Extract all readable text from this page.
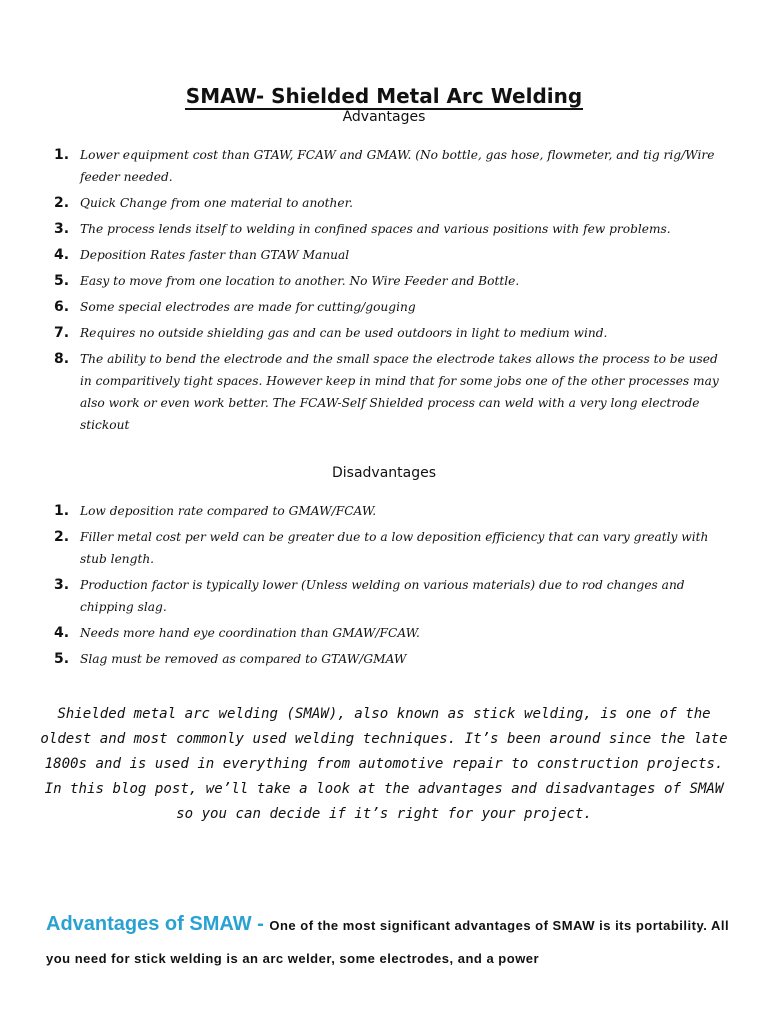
SMAW- Shielded Metal Arc Welding
Advantages
1. Lower equipment cost than GTAW, FCAW and GMAW. (No bottle, gas hose, flowmeter, and tig rig/Wire feeder needed.
2. Quick Change from one material to another.
3. The process lends itself to welding in confined spaces and various positions with few problems.
4. Deposition Rates faster than GTAW Manual
5. Easy to move from one location to another. No Wire Feeder and Bottle.
6. Some special electrodes are made for cutting/gouging
7. Requires no outside shielding gas and can be used outdoors in light to medium wind.
8. The ability to bend the electrode and the small space the electrode takes allows the process to be used in comparitively tight spaces. However keep in mind that for some jobs one of the other processes may also work or even work better. The FCAW-Self Shielded process can weld with a very long electrode stickout
Disadvantages
1. Low deposition rate compared to GMAW/FCAW.
2. Filler metal cost per weld can be greater due to a low deposition efficiency that can vary greatly with stub length.
3. Production factor is typically lower (Unless welding on various materials) due to rod changes and chipping slag.
4. Needs more hand eye coordination than GMAW/FCAW.
5. Slag must be removed as compared to GTAW/GMAW
Shielded metal arc welding (SMAW), also known as stick welding, is one of the oldest and most commonly used welding techniques. It’s been around since the late 1800s and is used in everything from automotive repair to construction projects. In this blog post, we’ll take a look at the advantages and disadvantages of SMAW so you can decide if it’s right for your project.
Advantages of SMAW - One of the most significant advantages of SMAW is its portability. All you need for stick welding is an arc welder, some electrodes, and a power
